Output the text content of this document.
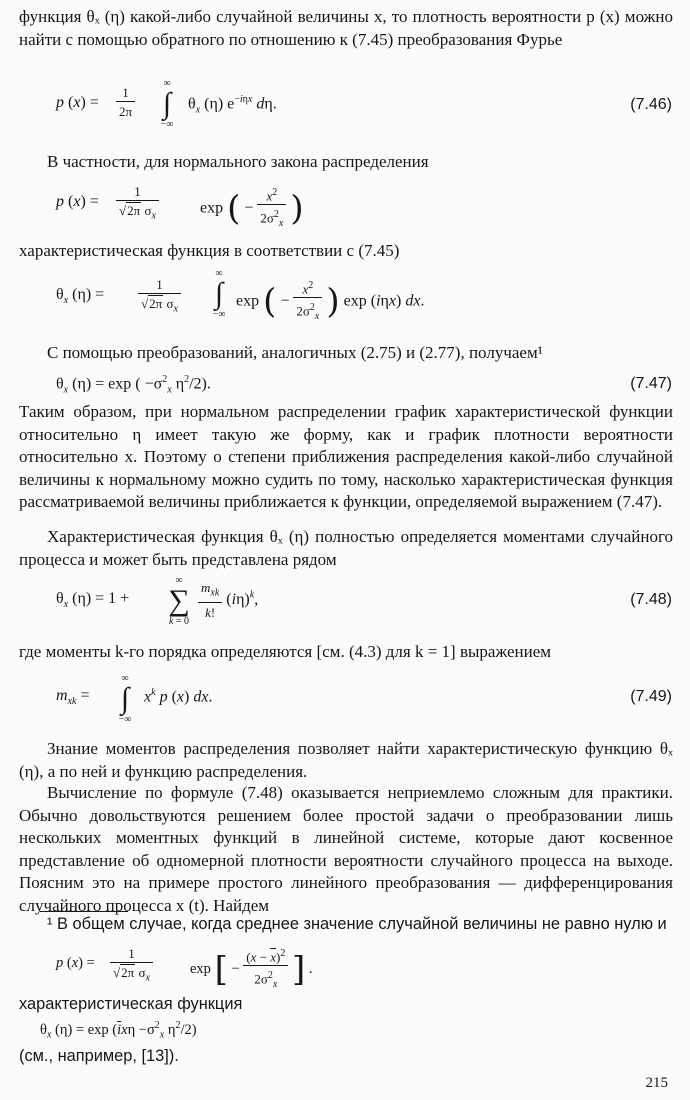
функция θₓ (η) какой-либо случайной величины x, то плотность вероятности p (x) можно найти с помощью обратного по отношению к (7.45) преобразования Фурье

p $(x) = \frac{1}{2\pi}$
∞
∫
−∞
$\theta_x$ (η) $e^{-i\eta x}$ dη.	(7.46)

В частности, для нормального закона распределения

p $(x) = \frac{1}{√2\pi \sigma_x}$	exp ( − $\frac{x^2}{2\sigma^2_x}$ )

характеристическая функция в соответствии с (7.45)

$\theta_x$ (η) =	$\frac{1}{√2\pi \sigma_x}$
∞
∫
−∞
exp ( − $\frac{x^2}{2\sigma^2_x}$ ) exp (iηx) dx.

С помощью преобразований, аналогичных (2.75) и (2.77), получаем¹

$\theta_x$ (η) = exp ( $-\sigma^2_x$ $\eta^2/2$).	(7.47)

Таким образом, при нормальном распределении график характеристической функции относительно η имеет такую же форму, как и график плотности вероятности относительно x. Поэтому о степени приближения распределения какой-либо случайной величины к нормальному можно судить по тому, насколько характеристическая функция рассматриваемой величины приближается к функции, определяемой выражением (7.47).

Характеристическая функция θₓ (η) полностью определяется моментами случайного процесса и может быть представлена рядом

$\theta_x$ (η) = 1 +
∞
∑
k = 0
$\frac{m_{xk}}{k!} (i\eta)^k$,	(7.48)

где моменты k-го порядка определяются [см. (4.3) для k = 1] выражением

$m_{xk}$ =
∞
∫
−∞
$x^k$ p (x) dx.	(7.49)

Знание моментов распределения позволяет найти характеристическую функцию θₓ (η), а по ней и функцию распределения.

Вычисление по формуле (7.48) оказывается неприемлемо сложным для практики. Обычно довольствуются решением более простой задачи о преобразовании лишь нескольких моментных функций в линейной системе, которые дают косвенное представление об одномерной плотности вероятности случайного процесса на выходе. Поясним это на примере простого линейного преобразования — дифференцирования случайного процесса x (t). Найдем

¹ В общем случае, когда среднее значение случайной величины не равно нулю и

p $(x) = \frac{1}{√2\pi \sigma_x}$	exp [ − $\frac{(x - \overline{x})^2}{2\sigma^2_x}$ ] .

характеристическая функция

$\theta_x$ $(\eta) = \exp (\overline{i}x\eta -\sigma^2_x$ $\eta^2/2$)

(см., например, [13]).

215
